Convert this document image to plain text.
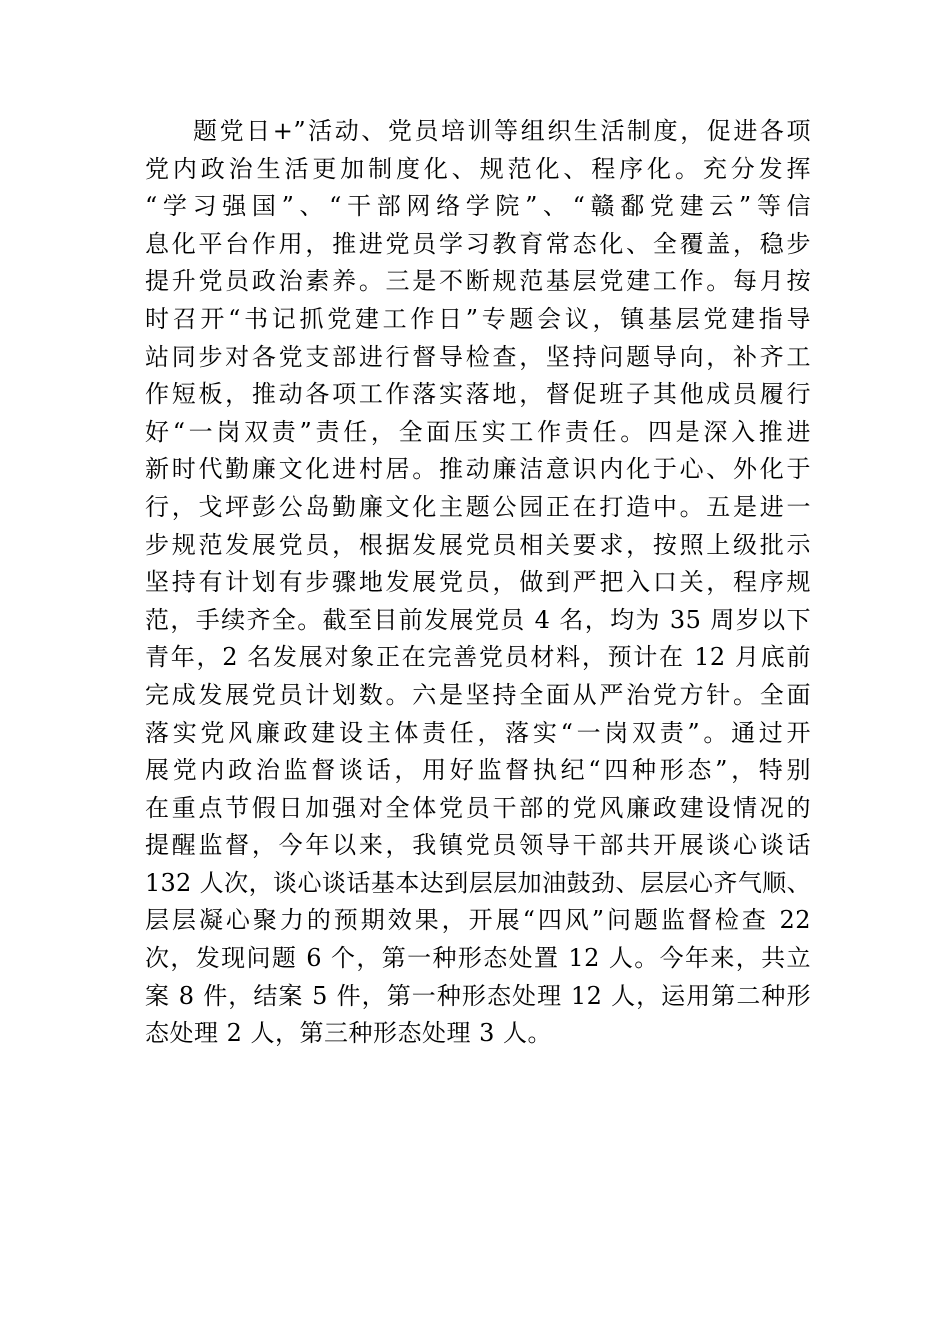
题党日+”活动、党员培训等组织生活制度，促进各项
党内政治生活更加制度化、规范化、程序化。充分发挥
“学习强国”、“干部网络学院”、“赣鄱党建云”等信
息化平台作用，推进党员学习教育常态化、全覆盖，稳步
提升党员政治素养。三是不断规范基层党建工作。每月按
时召开“书记抓党建工作日”专题会议，镇基层党建指导
站同步对各党支部进行督导检查，坚持问题导向，补齐工
作短板，推动各项工作落实落地，督促班子其他成员履行
好“一岗双责”责任，全面压实工作责任。四是深入推进
新时代勤廉文化进村居。推动廉洁意识内化于心、外化于
行，戈坪彭公岛勤廉文化主题公园正在打造中。五是进一
步规范发展党员，根据发展党员相关要求，按照上级批示
坚持有计划有步骤地发展党员，做到严把入口关，程序规
范，手续齐全。截至目前发展党员 4 名，均为 35 周岁以下
青年，2 名发展对象正在完善党员材料，预计在 12 月底前
完成发展党员计划数。六是坚持全面从严治党方针。全面
落实党风廉政建设主体责任，落实“一岗双责”。通过开
展党内政治监督谈话，用好监督执纪“四种形态”，特别
在重点节假日加强对全体党员干部的党风廉政建设情况的
提醒监督，今年以来，我镇党员领导干部共开展谈心谈话
132 人次，谈心谈话基本达到层层加油鼓劲、层层心齐气顺、
层层凝心聚力的预期效果，开展“四风”问题监督检查 22
次，发现问题 6 个，第一种形态处置 12 人。今年来，共立
案 8 件，结案 5 件，第一种形态处理 12 人，运用第二种形
态处理 2 人，第三种形态处理 3 人。
